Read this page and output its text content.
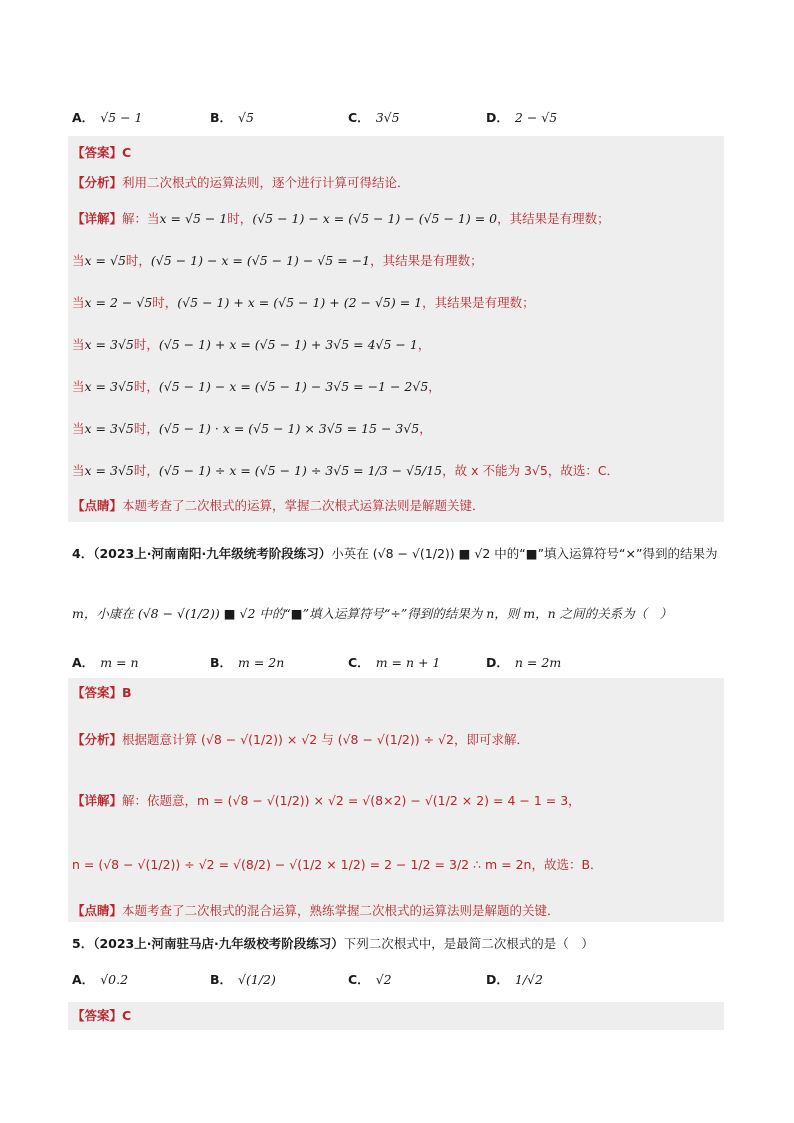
A． √5 − 1	B． √5	C． 3√5	D． 2 − √5
【答案】C
【分析】利用二次根式的运算法则，逐个进行计算可得结论．
【详解】解：当x = √5 − 1时，(√5 − 1) − x = (√5 − 1) − (√5 − 1) = 0，其结果是有理数；
当x = √5时，(√5 − 1) − x = (√5 − 1) − √5 = −1，其结果是有理数；
当x = 2 − √5时，(√5 − 1) + x = (√5 − 1) + (2 − √5) = 1，其结果是有理数；
当x = 3√5时，(√5 − 1) + x = (√5 − 1) + 3√5 = 4√5 − 1，
当x = 3√5时，(√5 − 1) − x = (√5 − 1) − 3√5 = −1 − 2√5，
当x = 3√5时，(√5 − 1) · x = (√5 − 1) × 3√5 = 15 − 3√5，
当x = 3√5时，(√5 − 1) ÷ x = (√5 − 1) ÷ 3√5 = 1/3 − √5/15，故 x 不能为 3√5，故选：C．
【点睛】本题考查了二次根式的运算，掌握二次根式运算法则是解题关键．
4．（2023上·河南南阳·九年级统考阶段练习）小英在 (√8 − √(1/2)) ■ √2 中的“■”填入运算符号“×”得到的结果为
m，小康在 (√8 − √(1/2)) ■ √2 中的“■”填入运算符号“÷”得到的结果为 n，则 m，n 之间的关系为（　）
A． m = n	B． m = 2n	C． m = n + 1	D． n = 2m
【答案】B
【分析】根据题意计算 (√8 − √(1/2)) × √2 与 (√8 − √(1/2)) ÷ √2，即可求解．
【详解】解：依题意，m = (√8 − √(1/2)) × √2 = √(8×2) − √(1/2 × 2) = 4 − 1 = 3，
n = (√8 − √(1/2)) ÷ √2 = √(8/2) − √(1/2 × 1/2) = 2 − 1/2 = 3/2 ∴ m = 2n，故选：B．
【点睛】本题考查了二次根式的混合运算，熟练掌握二次根式的运算法则是解题的关键．
5．（2023上·河南驻马店·九年级校考阶段练习）下列二次根式中，是最简二次根式的是（　）
A． √0.2	B． √(1/2)	C． √2	D． 1/√2
【答案】C
